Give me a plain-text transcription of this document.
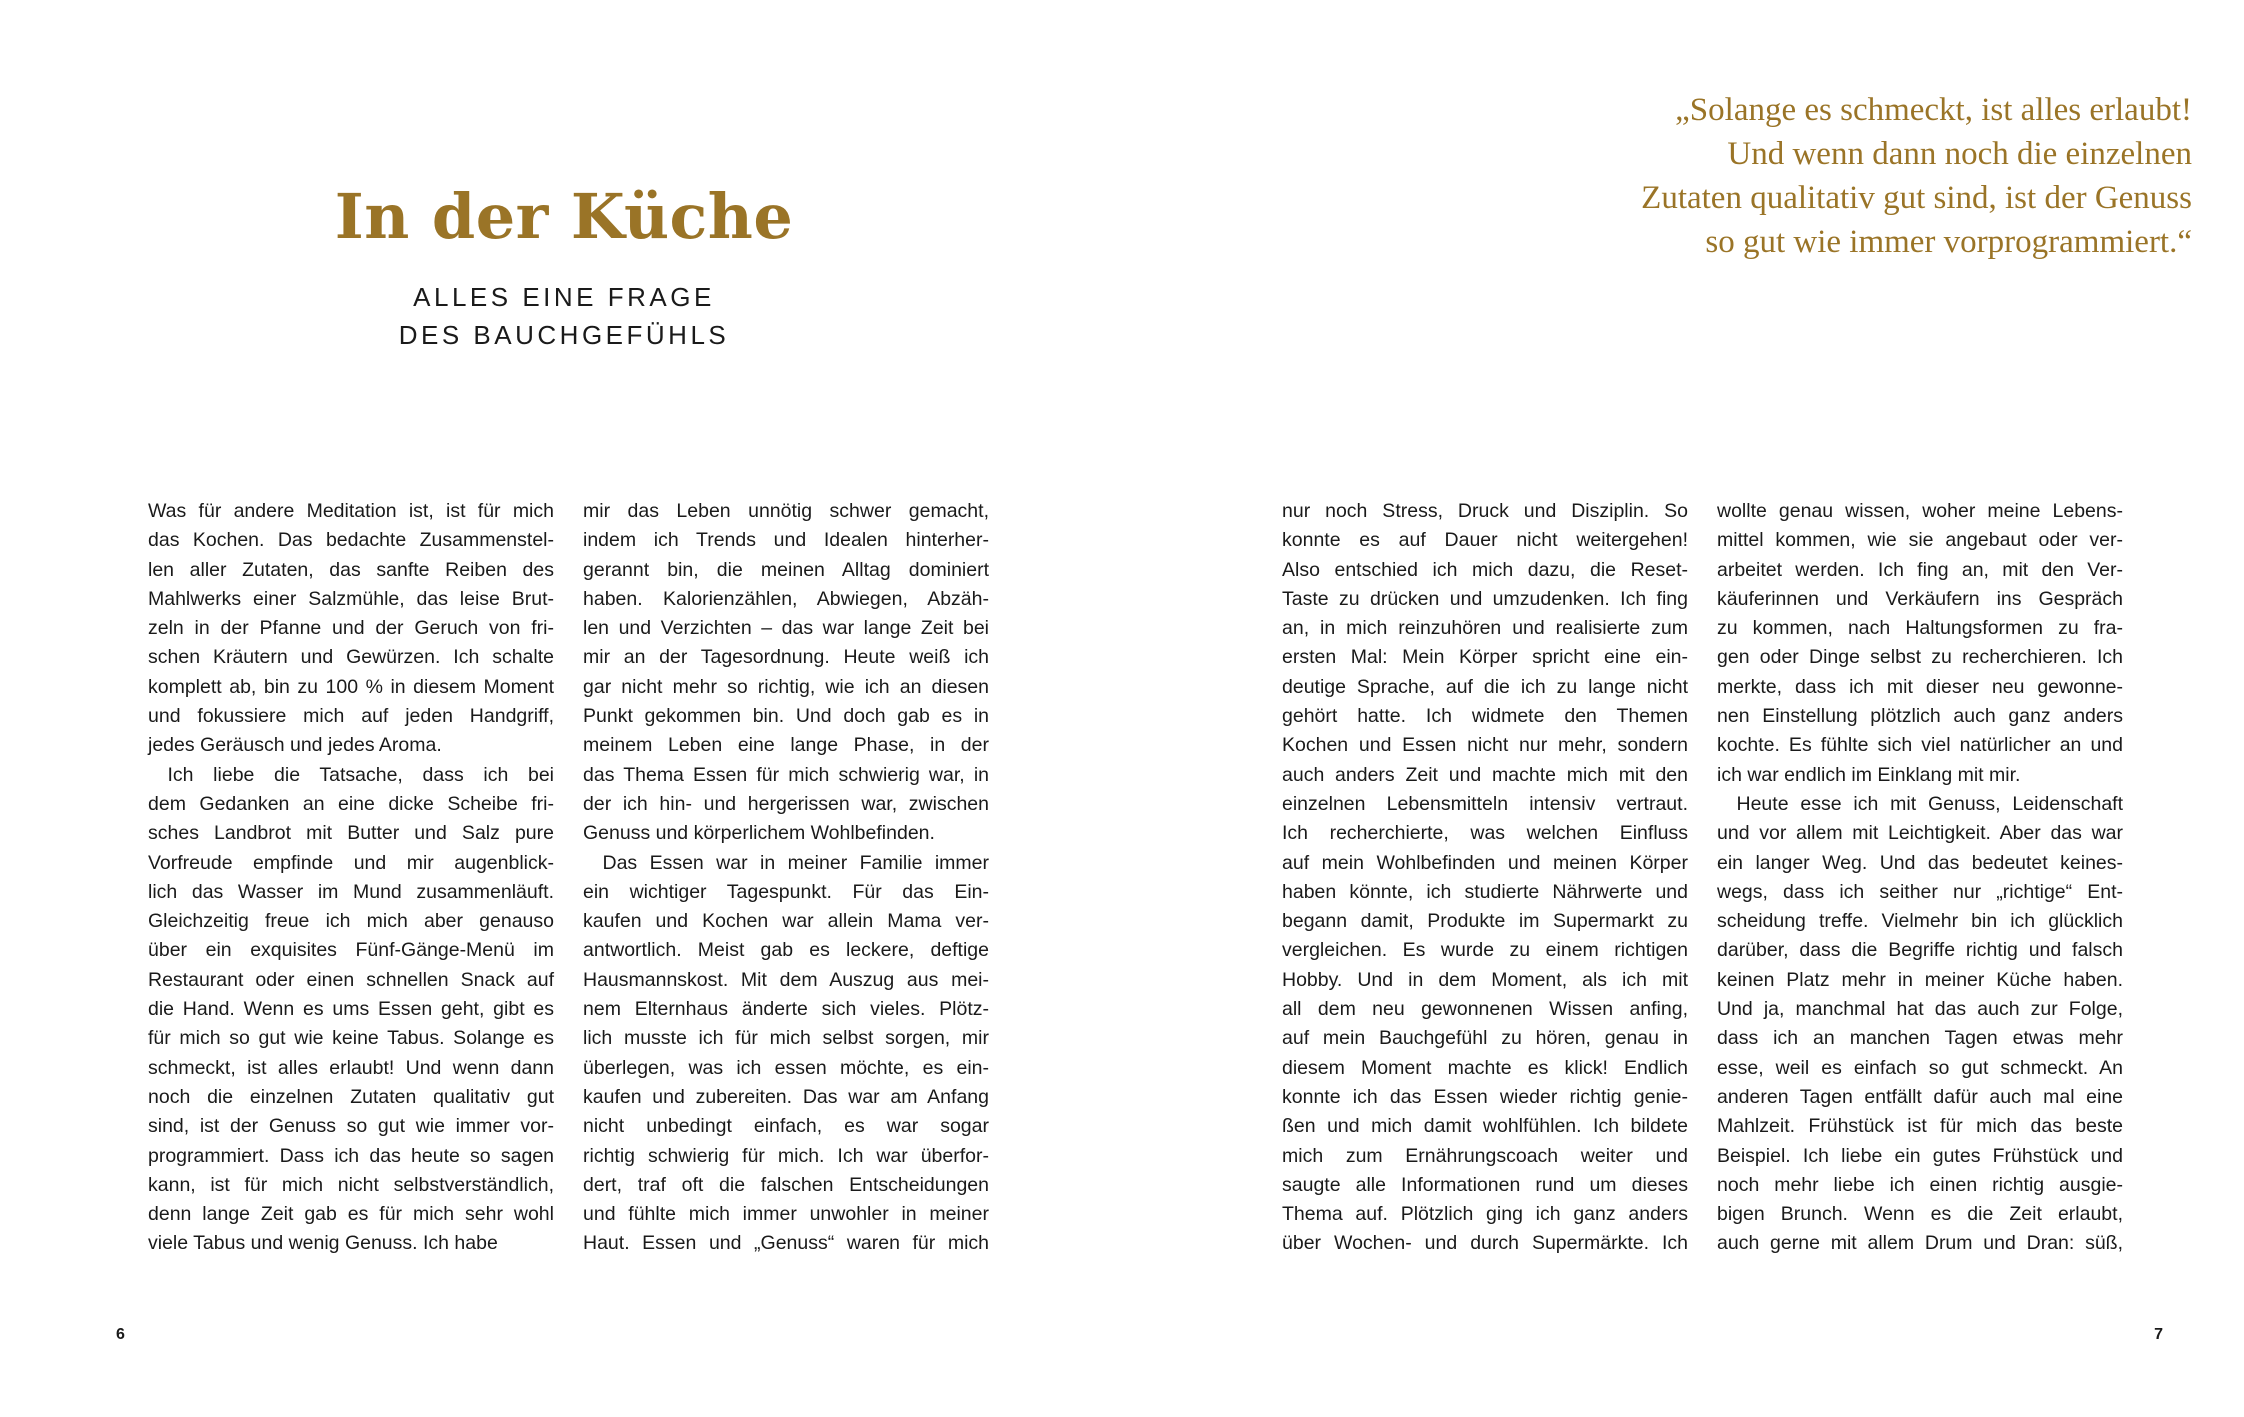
In der Küche
ALLES EINE FRAGE
DES BAUCHGEFÜHLS

Was für andere Meditation ist, ist für mich

das Kochen. Das bedachte Zusammenstel-

len aller Zutaten, das sanfte Reiben des

Mahlwerks einer Salzmühle, das leise Brut-

zeln in der Pfanne und der Geruch von fri-

schen Kräutern und Gewürzen. Ich schalte

komplett ab, bin zu 100 % in diesem Moment

und fokussiere mich auf jeden Handgriff,

jedes Geräusch und jedes Aroma.

 Ich liebe die Tatsache, dass ich bei

dem Gedanken an eine dicke Scheibe fri-

sches Landbrot mit Butter und Salz pure

Vorfreude empfinde und mir augenblick-

lich das Wasser im Mund zusammenläuft.

Gleichzeitig freue ich mich aber genauso

über ein exquisites Fünf-Gänge-Menü im

Restaurant oder einen schnellen Snack auf

die Hand. Wenn es ums Essen geht, gibt es

für mich so gut wie keine Tabus. Solange es

schmeckt, ist alles erlaubt! Und wenn dann

noch die einzelnen Zutaten qualitativ gut

sind, ist der Genuss so gut wie immer vor-

programmiert. Dass ich das heute so sagen

kann, ist für mich nicht selbstverständlich,

denn lange Zeit gab es für mich sehr wohl

viele Tabus und wenig Genuss. Ich habe

mir das Leben unnötig schwer gemacht,

indem ich Trends und Idealen hinterher-

gerannt bin, die meinen Alltag dominiert

haben. Kalorienzählen, Abwiegen, Abzäh-

len und Verzichten – das war lange Zeit bei

mir an der Tagesordnung. Heute weiß ich

gar nicht mehr so richtig, wie ich an diesen

Punkt gekommen bin. Und doch gab es in

meinem Leben eine lange Phase, in der

das Thema Essen für mich schwierig war, in

der ich hin- und hergerissen war, zwischen

Genuss und körperlichem Wohlbefinden.

 Das Essen war in meiner Familie immer

ein wichtiger Tagespunkt. Für das Ein-

kaufen und Kochen war allein Mama ver-

antwortlich. Meist gab es leckere, deftige

Hausmannskost. Mit dem Auszug aus mei-

nem Elternhaus änderte sich vieles. Plötz-

lich musste ich für mich selbst sorgen, mir

überlegen, was ich essen möchte, es ein-

kaufen und zubereiten. Das war am Anfang

nicht unbedingt einfach, es war sogar

richtig schwierig für mich. Ich war überfor-

dert, traf oft die falschen Entscheidungen

und fühlte mich immer unwohler in meiner

Haut. Essen und „Genuss“ waren für mich

6
„Solange es schmeckt, ist alles erlaubt!
Und wenn dann noch die einzelnen
Zutaten qualitativ gut sind, ist der Genuss
so gut wie immer vorprogrammiert.“

nur noch Stress, Druck und Disziplin. So

konnte es auf Dauer nicht weitergehen!

Also entschied ich mich dazu, die Reset-

Taste zu drücken und umzudenken. Ich fing

an, in mich reinzuhören und realisierte zum

ersten Mal: Mein Körper spricht eine ein-

deutige Sprache, auf die ich zu lange nicht

gehört hatte. Ich widmete den Themen

Kochen und Essen nicht nur mehr, sondern

auch anders Zeit und machte mich mit den

einzelnen Lebensmitteln intensiv vertraut.

Ich recherchierte, was welchen Einfluss

auf mein Wohlbefinden und meinen Körper

haben könnte, ich studierte Nährwerte und

begann damit, Produkte im Supermarkt zu

vergleichen. Es wurde zu einem richtigen

Hobby. Und in dem Moment, als ich mit

all dem neu gewonnenen Wissen anfing,

auf mein Bauchgefühl zu hören, genau in

diesem Moment machte es klick! Endlich

konnte ich das Essen wieder richtig genie-

ßen und mich damit wohlfühlen. Ich bildete

mich zum Ernährungscoach weiter und

saugte alle Informationen rund um dieses

Thema auf. Plötzlich ging ich ganz anders

über Wochen- und durch Supermärkte. Ich

wollte genau wissen, woher meine Lebens-

mittel kommen, wie sie angebaut oder ver-

arbeitet werden. Ich fing an, mit den Ver-

käuferinnen und Verkäufern ins Gespräch

zu kommen, nach Haltungsformen zu fra-

gen oder Dinge selbst zu recherchieren. Ich

merkte, dass ich mit dieser neu gewonne-

nen Einstellung plötzlich auch ganz anders

kochte. Es fühlte sich viel natürlicher an und

ich war endlich im Einklang mit mir.

 Heute esse ich mit Genuss, Leidenschaft

und vor allem mit Leichtigkeit. Aber das war

ein langer Weg. Und das bedeutet keines-

wegs, dass ich seither nur „richtige“ Ent-

scheidung treffe. Vielmehr bin ich glücklich

darüber, dass die Begriffe richtig und falsch

keinen Platz mehr in meiner Küche haben.

Und ja, manchmal hat das auch zur Folge,

dass ich an manchen Tagen etwas mehr

esse, weil es einfach so gut schmeckt. An

anderen Tagen entfällt dafür auch mal eine

Mahlzeit. Frühstück ist für mich das beste

Beispiel. Ich liebe ein gutes Frühstück und

noch mehr liebe ich einen richtig ausgie-

bigen Brunch. Wenn es die Zeit erlaubt,

auch gerne mit allem Drum und Dran: süß,

7
